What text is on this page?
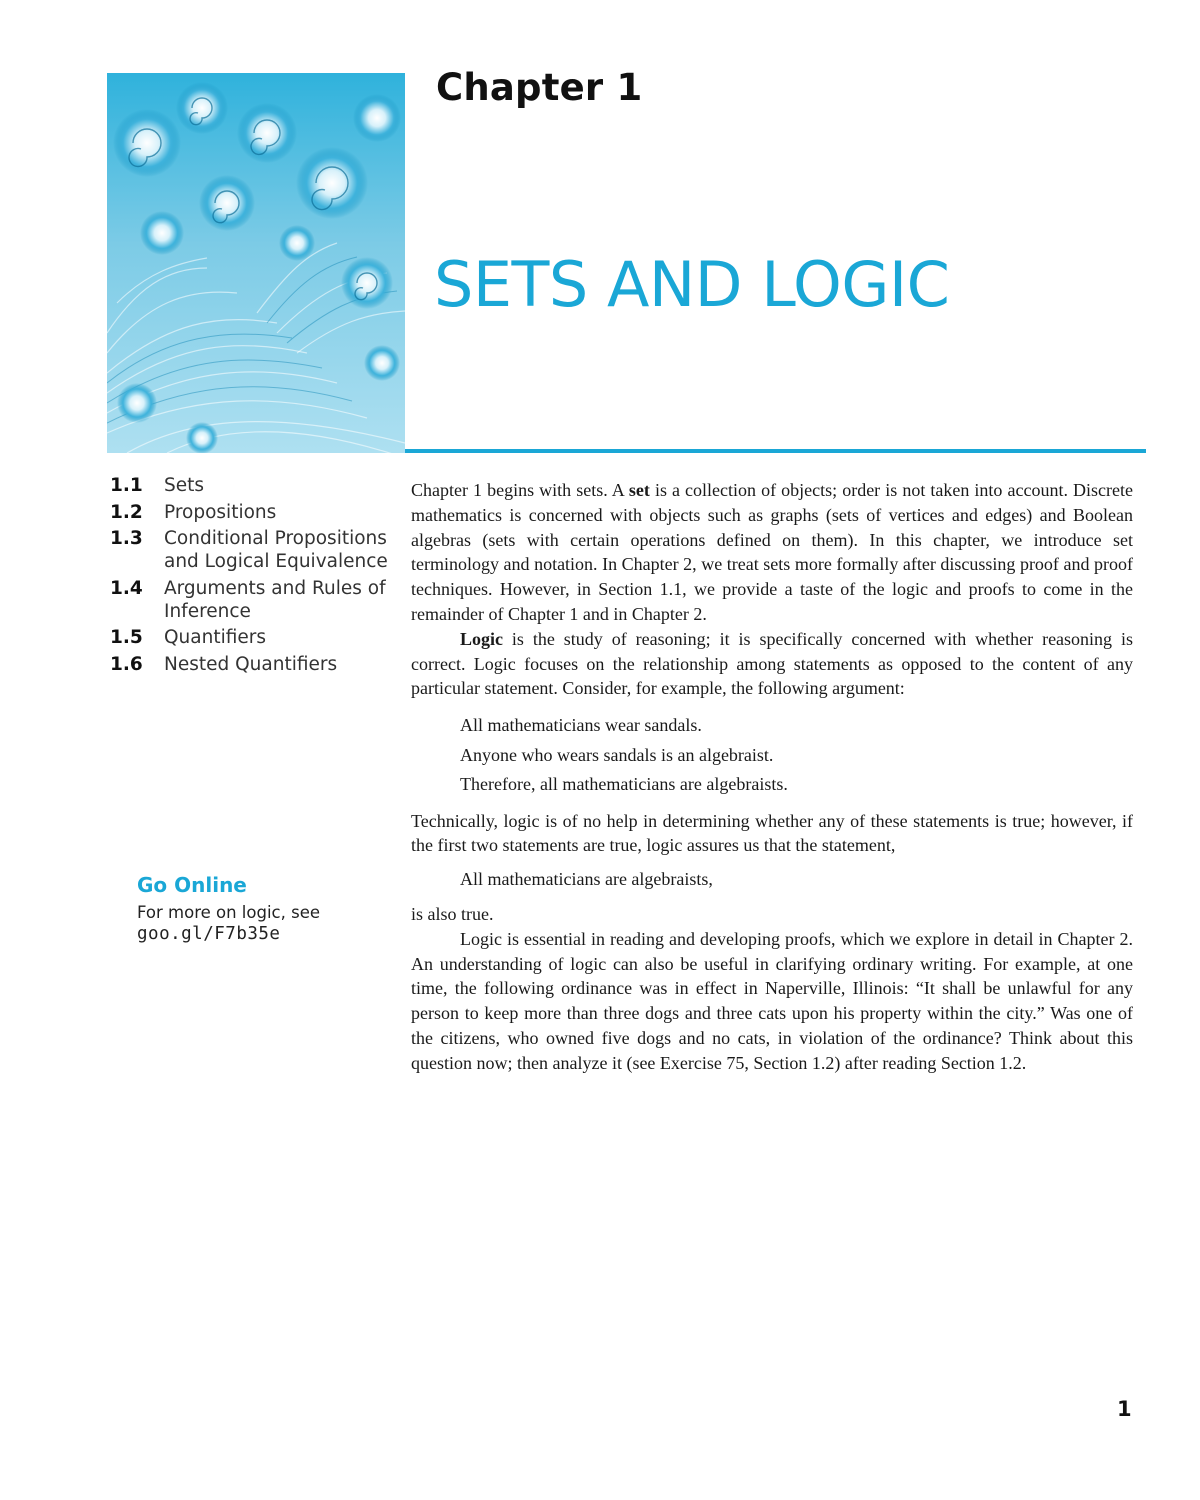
Chapter 1
SETS AND LOGIC
1.1	Sets
1.2	Propositions
1.3	Conditional Propositions and Logical Equivalence
1.4	Arguments and Rules of Inference
1.5	Quantifiers
1.6	Nested Quantifiers
Go Online
For more on logic, see
goo.gl/F7b35e

Chapter 1 begins with sets. A set is a collection of objects; order is not taken into account. Discrete mathematics is concerned with objects such as graphs (sets of vertices and edges) and Boolean algebras (sets with certain operations defined on them). In this chapter, we introduce set terminology and notation. In Chapter 2, we treat sets more formally after discussing proof and proof techniques. However, in Section 1.1, we provide a taste of the logic and proofs to come in the remainder of Chapter 1 and in Chapter 2.

Logic is the study of reasoning; it is specifically concerned with whether reasoning is correct. Logic focuses on the relationship among statements as opposed to the content of any particular statement. Consider, for example, the following argument:

All mathematicians wear sandals.
Anyone who wears sandals is an algebraist.
Therefore, all mathematicians are algebraists.

Technically, logic is of no help in determining whether any of these statements is true; however, if the first two statements are true, logic assures us that the statement,

All mathematicians are algebraists,

is also true.

Logic is essential in reading and developing proofs, which we explore in detail in Chapter 2. An understanding of logic can also be useful in clarifying ordinary writing. For example, at one time, the following ordinance was in effect in Naperville, Illinois: “It shall be unlawful for any person to keep more than three dogs and three cats upon his property within the city.” Was one of the citizens, who owned five dogs and no cats, in violation of the ordinance? Think about this question now; then analyze it (see Exercise 75, Section 1.2) after reading Section 1.2.

1
